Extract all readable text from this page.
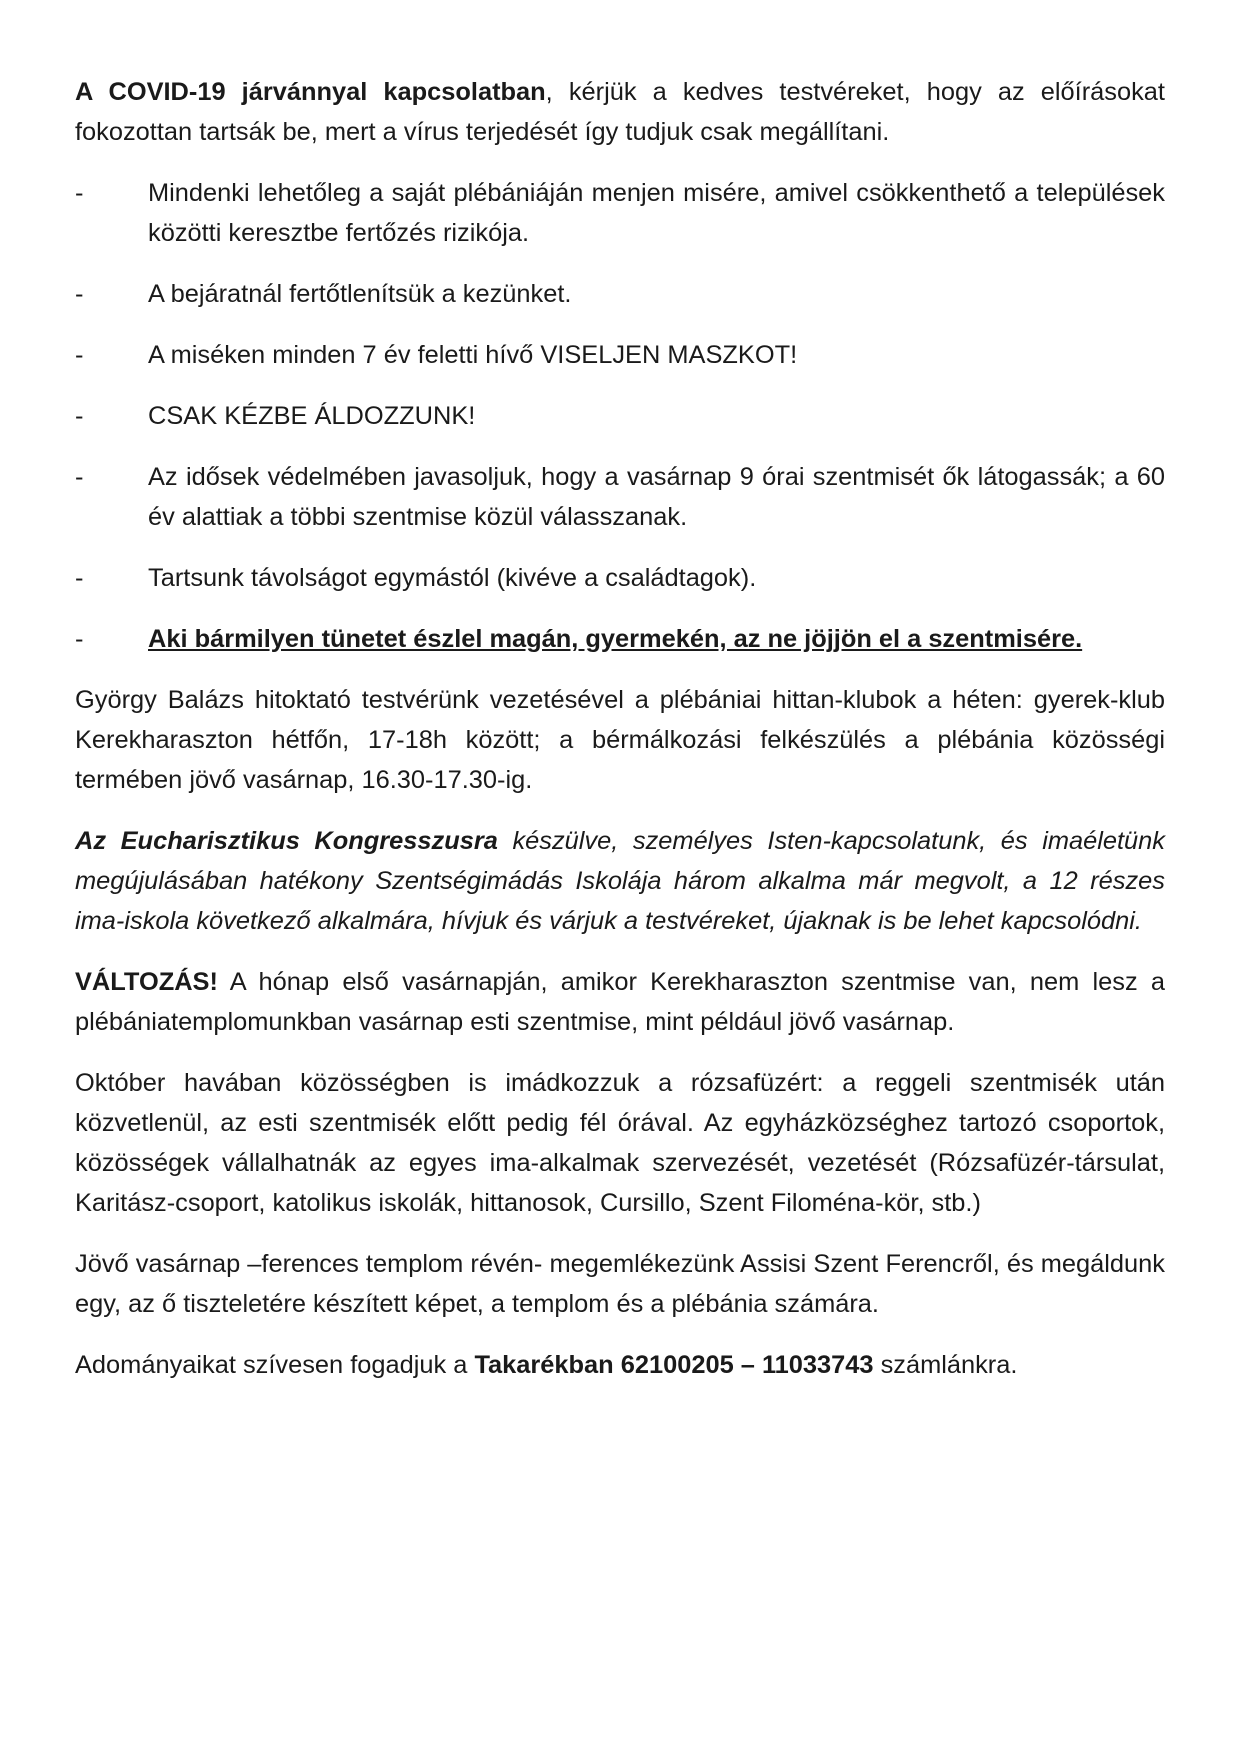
A COVID-19 járvánnyal kapcsolatban, kérjük a kedves testvéreket, hogy az előírásokat fokozottan tartsák be, mert a vírus terjedését így tudjuk csak megállítani.

-	Mindenki lehetőleg a saját plébániáján menjen misére, amivel csökkenthető a települések közötti keresztbe fertőzés rizikója.
-	A bejáratnál fertőtlenítsük a kezünket.
-	A miséken minden 7 év feletti hívő VISELJEN MASZKOT!
-	CSAK KÉZBE ÁLDOZZUNK!
-	Az idősek védelmében javasoljuk, hogy a vasárnap 9 órai szentmisét ők látogassák; a 60 év alattiak a többi szentmise közül válasszanak.
-	Tartsunk távolságot egymástól (kivéve a családtagok).
-	Aki bármilyen tünetet észlel magán, gyermekén, az ne jöjjön el a szentmisére.

György Balázs hitoktató testvérünk vezetésével a plébániai hittan-klubok a héten: gyerek-klub Kerekharaszton hétfőn, 17-18h között; a bérmálkozási felkészülés a plébánia közösségi termében jövő vasárnap, 16.30-17.30-ig.

Az Eucharisztikus Kongresszusra készülve, személyes Isten-kapcsolatunk, és imaéletünk megújulásában hatékony Szentségimádás Iskolája három alkalma már megvolt, a 12 részes ima-iskola következő alkalmára, hívjuk és várjuk a testvéreket, újaknak is be lehet kapcsolódni.

VÁLTOZÁS! A hónap első vasárnapján, amikor Kerekharaszton szentmise van, nem lesz a plébániatemplomunkban vasárnap esti szentmise, mint például jövő vasárnap.

Október havában közösségben is imádkozzuk a rózsafüzért: a reggeli szentmisék után közvetlenül, az esti szentmisék előtt pedig fél órával. Az egyházközséghez tartozó csoportok, közösségek vállalhatnák az egyes ima-alkalmak szervezését, vezetését (Rózsafüzér-társulat, Karitász-csoport, katolikus iskolák, hittanosok, Cursillo, Szent Filoména-kör, stb.)

Jövő vasárnap –ferences templom révén- megemlékezünk Assisi Szent Ferencről, és megáldunk egy, az ő tiszteletére készített képet, a templom és a plébánia számára.

Adományaikat szívesen fogadjuk a Takarékban 62100205 – 11033743 számlánkra.
